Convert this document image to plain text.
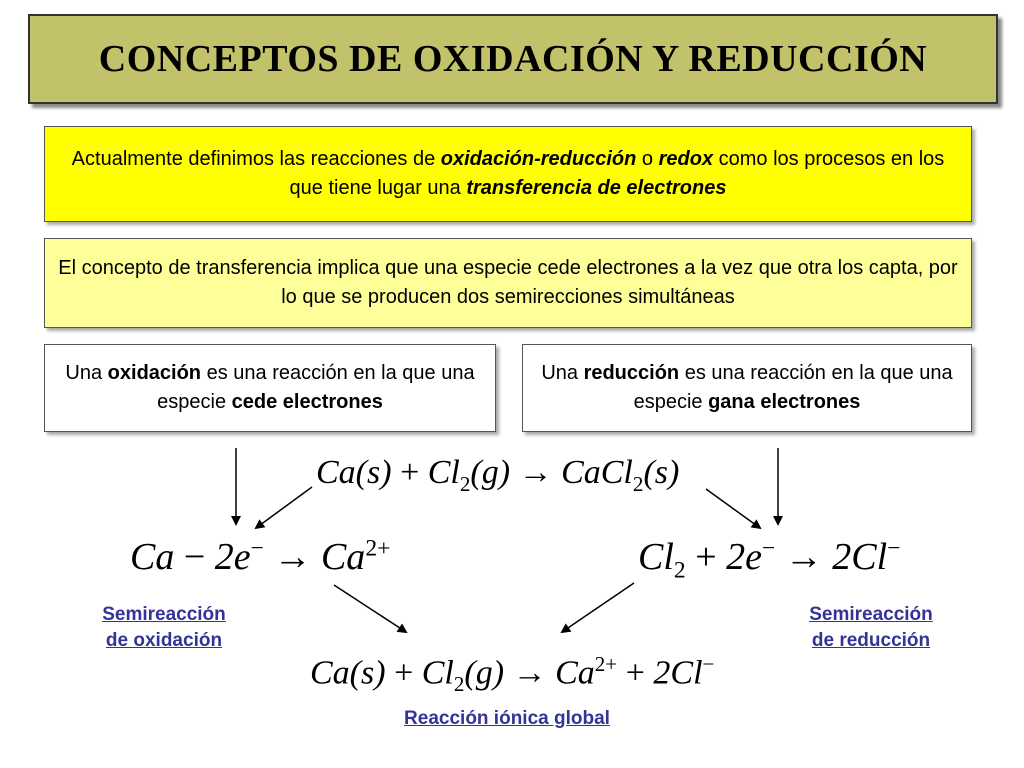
CONCEPTOS DE OXIDACIÓN Y REDUCCIÓN
Actualmente definimos las reacciones de oxidación-reducción o redox como los procesos en los que tiene lugar una transferencia de electrones
El concepto de transferencia implica que una especie cede electrones a la vez que otra los capta, por lo que se producen dos semirecciones simultáneas
Una oxidación es una reacción en la que una especie cede electrones
Una reducción es una reacción en la que una especie gana electrones
$Ca(s) + Cl_2(g)$ → CaCl$_2$(s)
$Ca - 2e^- \to Ca^{2+}$	$Cl_2 + 2e^- \to 2Cl^-$
$Ca(s) + Cl_2(g) \to Ca^{2+} + 2Cl^-$
Semireacción
de oxidación
Semireacción
de reducción
Reacción iónica global
